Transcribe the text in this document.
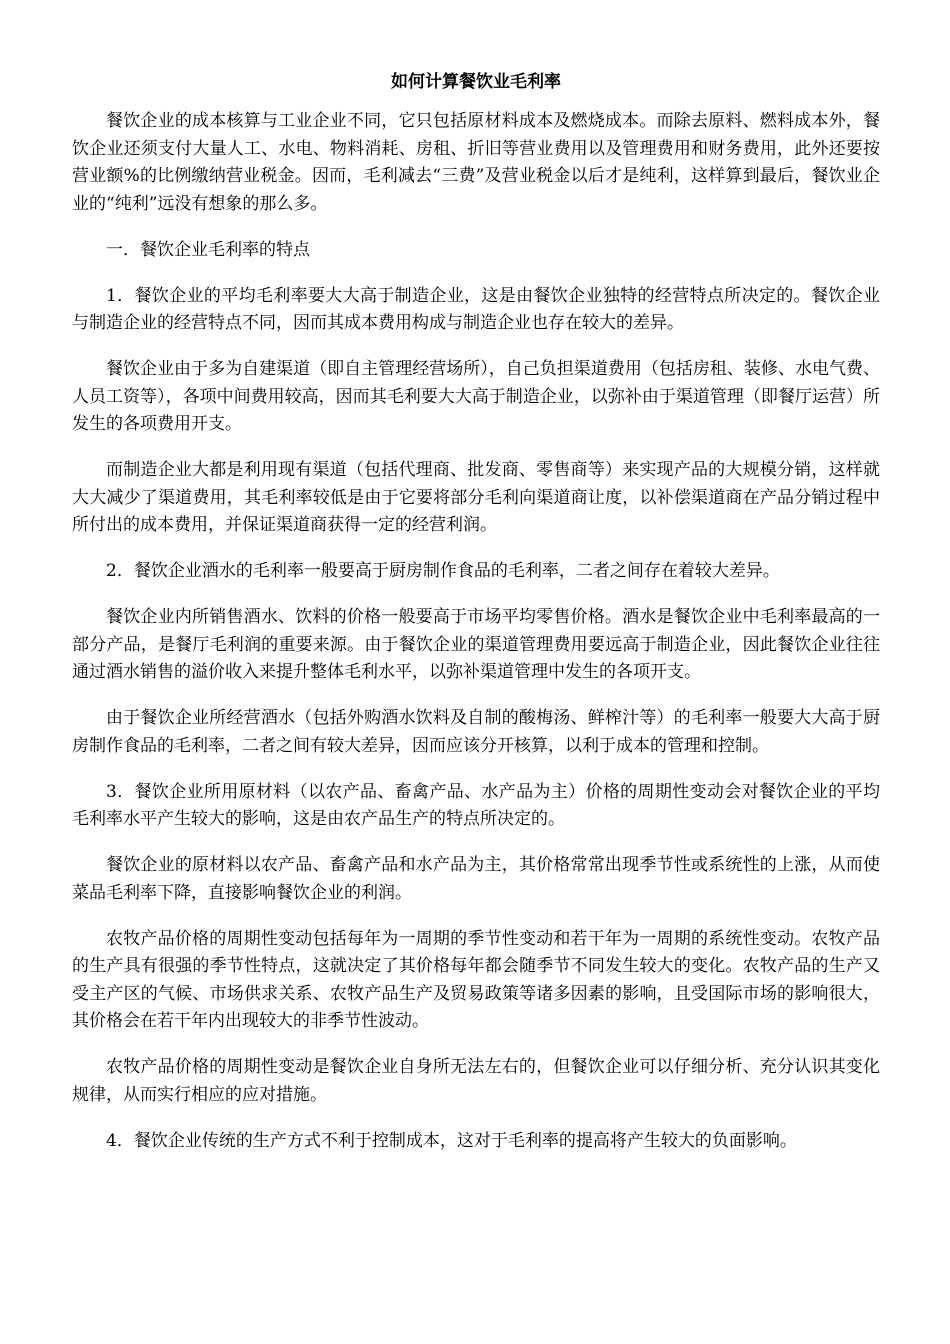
如何计算餐饮业毛利率

餐饮企业的成本核算与工业企业不同，它只包括原材料成本及燃烧成本。而除去原料、燃料成本外，餐饮企业还须支付大量人工、水电、物料消耗、房租、折旧等营业费用以及管理费用和财务费用，此外还要按营业额%的比例缴纳营业税金。因而，毛利减去“三费”及营业税金以后才是纯利，这样算到最后，餐饮业企业的“纯利”远没有想象的那么多。

一．餐饮企业毛利率的特点

1．餐饮企业的平均毛利率要大大高于制造企业，这是由餐饮企业独特的经营特点所决定的。餐饮企业与制造企业的经营特点不同，因而其成本费用构成与制造企业也存在较大的差异。

餐饮企业由于多为自建渠道（即自主管理经营场所），自己负担渠道费用（包括房租、装修、水电气费、人员工资等），各项中间费用较高，因而其毛利要大大高于制造企业，以弥补由于渠道管理（即餐厅运营）所发生的各项费用开支。

而制造企业大都是利用现有渠道（包括代理商、批发商、零售商等）来实现产品的大规模分销，这样就大大减少了渠道费用，其毛利率较低是由于它要将部分毛利向渠道商让度，以补偿渠道商在产品分销过程中所付出的成本费用，并保证渠道商获得一定的经营利润。

2．餐饮企业酒水的毛利率一般要高于厨房制作食品的毛利率，二者之间存在着较大差异。

餐饮企业内所销售酒水、饮料的价格一般要高于市场平均零售价格。酒水是餐饮企业中毛利率最高的一部分产品，是餐厅毛利润的重要来源。由于餐饮企业的渠道管理费用要远高于制造企业，因此餐饮企业往往通过酒水销售的溢价收入来提升整体毛利水平，以弥补渠道管理中发生的各项开支。

由于餐饮企业所经营酒水（包括外购酒水饮料及自制的酸梅汤、鲜榨汁等）的毛利率一般要大大高于厨房制作食品的毛利率，二者之间有较大差异，因而应该分开核算，以利于成本的管理和控制。

3．餐饮企业所用原材料（以农产品、畜禽产品、水产品为主）价格的周期性变动会对餐饮企业的平均毛利率水平产生较大的影响，这是由农产品生产的特点所决定的。

餐饮企业的原材料以农产品、畜禽产品和水产品为主，其价格常常出现季节性或系统性的上涨，从而使菜品毛利率下降，直接影响餐饮企业的利润。

农牧产品价格的周期性变动包括每年为一周期的季节性变动和若干年为一周期的系统性变动。农牧产品的生产具有很强的季节性特点，这就决定了其价格每年都会随季节不同发生较大的变化。农牧产品的生产又受主产区的气候、市场供求关系、农牧产品生产及贸易政策等诸多因素的影响，且受国际市场的影响很大，其价格会在若干年内出现较大的非季节性波动。

农牧产品价格的周期性变动是餐饮企业自身所无法左右的，但餐饮企业可以仔细分析、充分认识其变化规律，从而实行相应的应对措施。

4．餐饮企业传统的生产方式不利于控制成本，这对于毛利率的提高将产生较大的负面影响。
